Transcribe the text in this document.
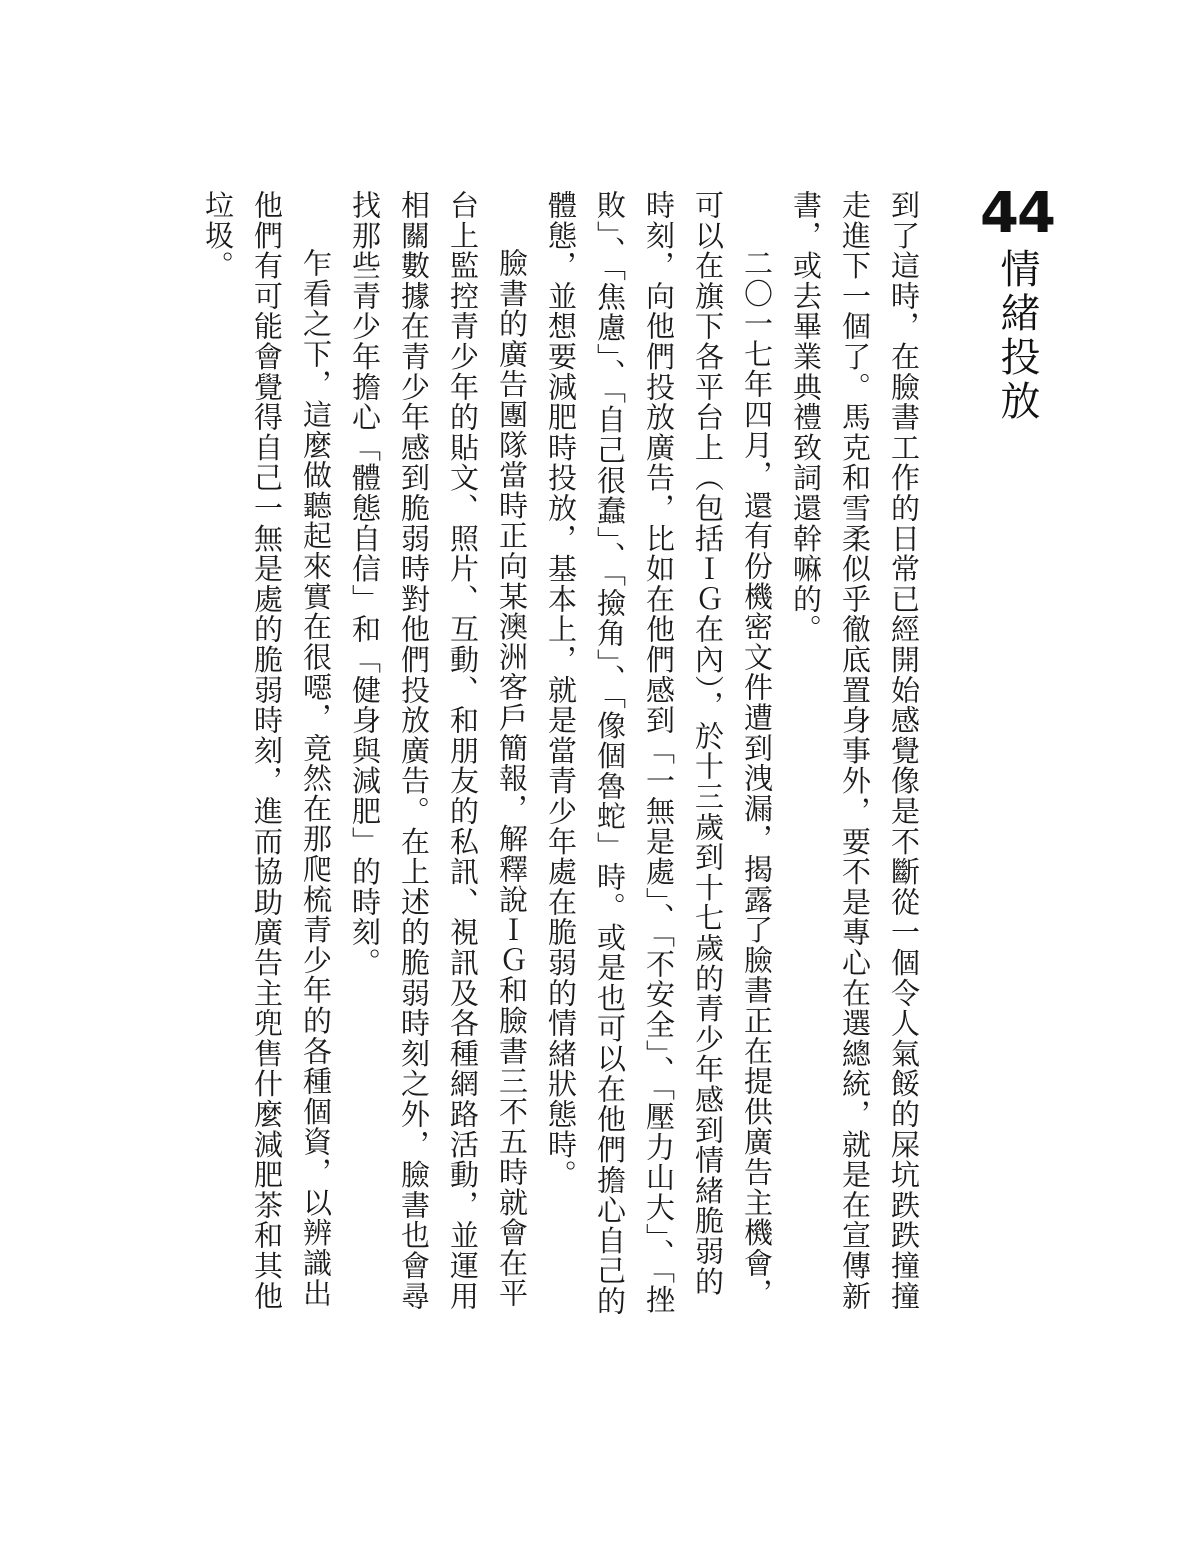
44
情緒投放

到了這時，在臉書工作的日常已經開始感覺像是不斷從一個令人氣餒的屎坑跌跌撞撞走進下一個了。馬克和雪柔似乎徹底置身事外，要不是專心在選總統，就是在宣傳新書，或去畢業典禮致詞還幹嘛的。

二〇一七年四月，還有份機密文件遭到洩漏，揭露了臉書正在提供廣告主機會，可以在旗下各平台上（包括ＩＧ在內），於十三歲到十七歲的青少年感到情緒脆弱的時刻，向他們投放廣告，比如在他們感到「一無是處」、「不安全」、「壓力山大」、「挫敗」、「焦慮」、「自己很蠢」、「撿角」、「像個魯蛇」時。或是也可以在他們擔心自己的體態，並想要減肥時投放，基本上，就是當青少年處在脆弱的情緒狀態時。

臉書的廣告團隊當時正向某澳洲客戶簡報，解釋說ＩＧ和臉書三不五時就會在平台上監控青少年的貼文、照片、互動、和朋友的私訊、視訊及各種網路活動，並運用相關數據在青少年感到脆弱時對他們投放廣告。在上述的脆弱時刻之外，臉書也會尋找那些青少年擔心「體態自信」和「健身與減肥」的時刻。

乍看之下，這麼做聽起來實在很噁，竟然在那爬梳青少年的各種個資，以辨識出他們有可能會覺得自己一無是處的脆弱時刻，進而協助廣告主兜售什麼減肥茶和其他垃圾。
